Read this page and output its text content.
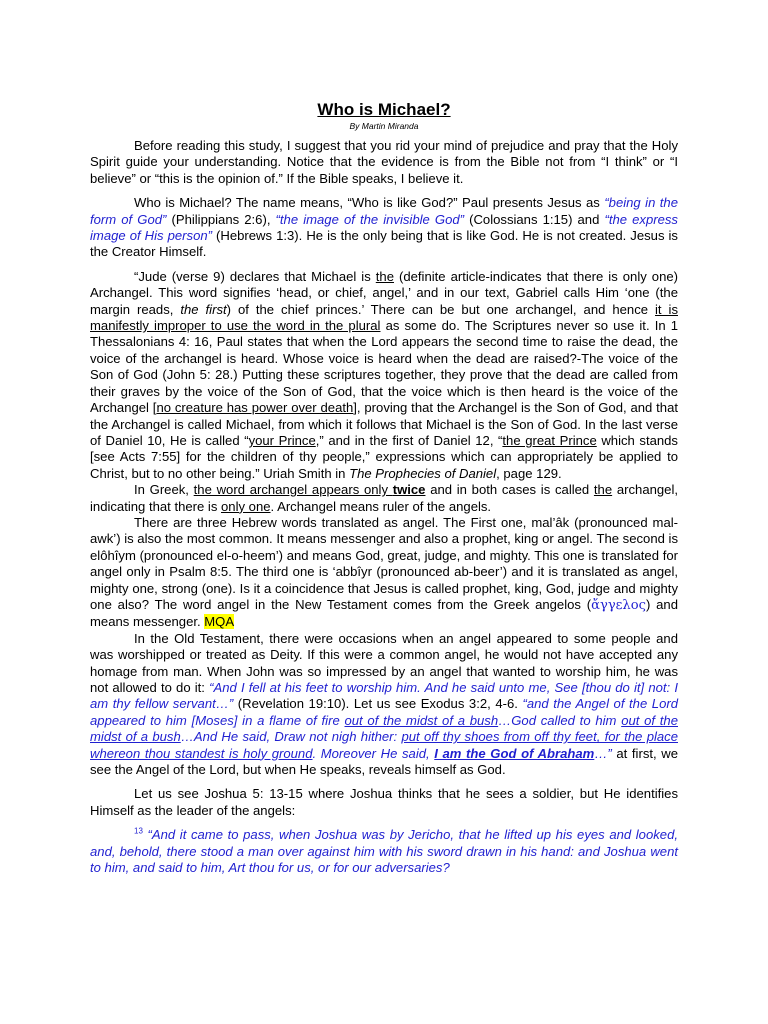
Who is Michael?
By Martin Miranda

Before reading this study, I suggest that you rid your mind of prejudice and pray that the Holy Spirit guide your understanding. Notice that the evidence is from the Bible not from “I think” or “I believe” or “this is the opinion of.” If the Bible speaks, I believe it.

Who is Michael? The name means, “Who is like God?” Paul presents Jesus as “being in the form of God” (Philippians 2:6), “the image of the invisible God” (Colossians 1:15) and “the express image of His person” (Hebrews 1:3). He is the only being that is like God. He is not created. Jesus is the Creator Himself.

“Jude (verse 9) declares that Michael is the (definite article-indicates that there is only one) Archangel. This word signifies ‘head, or chief, angel,’ and in our text, Gabriel calls Him ‘one (the margin reads, the first) of the chief princes.’ There can be but one archangel, and hence it is manifestly improper to use the word in the plural as some do. The Scriptures never so use it. In 1 Thessalonians 4: 16, Paul states that when the Lord appears the second time to raise the dead, the voice of the archangel is heard. Whose voice is heard when the dead are raised?-The voice of the Son of God (John 5: 28.) Putting these scriptures together, they prove that the dead are called from their graves by the voice of the Son of God, that the voice which is then heard is the voice of the Archangel [no creature has power over death], proving that the Archangel is the Son of God, and that the Archangel is called Michael, from which it follows that Michael is the Son of God. In the last verse of Daniel 10, He is called “your Prince,” and in the first of Daniel 12, “the great Prince which stands [see Acts 7:55] for the children of thy people,” expressions which can appropriately be applied to Christ, but to no other being.” Uriah Smith in The Prophecies of Daniel, page 129.

In Greek, the word archangel appears only twice and in both cases is called the archangel, indicating that there is only one. Archangel means ruler of the angels.

There are three Hebrew words translated as angel. The First one, mal’âk (pronounced mal-awk’) is also the most common. It means messenger and also a prophet, king or angel. The second is elôhîym (pronounced el-o-heem’) and means God, great, judge, and mighty. This one is translated for angel only in Psalm 8:5. The third one is ‘abbîyr (pronounced ab-beer’) and it is translated as angel, mighty one, strong (one). Is it a coincidence that Jesus is called prophet, king, God, judge and mighty one also? The word angel in the New Testament comes from the Greek angelos (ἄγγελος) and means messenger. MQA

In the Old Testament, there were occasions when an angel appeared to some people and was worshipped or treated as Deity. If this were a common angel, he would not have accepted any homage from man. When John was so impressed by an angel that wanted to worship him, he was not allowed to do it: “And I fell at his feet to worship him. And he said unto me, See [thou do it] not: I am thy fellow servant…” (Revelation 19:10). Let us see Exodus 3:2, 4-6. “and the Angel of the Lord appeared to him [Moses] in a flame of fire out of the midst of a bush…God called to him out of the midst of a bush…And He said, Draw not nigh hither: put off thy shoes from off thy feet, for the place whereon thou standest is holy ground. Moreover He said, I am the God of Abraham…” at first, we see the Angel of the Lord, but when He speaks, reveals himself as God.

Let us see Joshua 5: 13-15 where Joshua thinks that he sees a soldier, but He identifies Himself as the leader of the angels:

$^{13}$ “And it came to pass, when Joshua was by Jericho, that he lifted up his eyes and looked, and, behold, there stood a man over against him with his sword drawn in his hand: and Joshua went to him, and said to him, Art thou for us, or for our adversaries?
